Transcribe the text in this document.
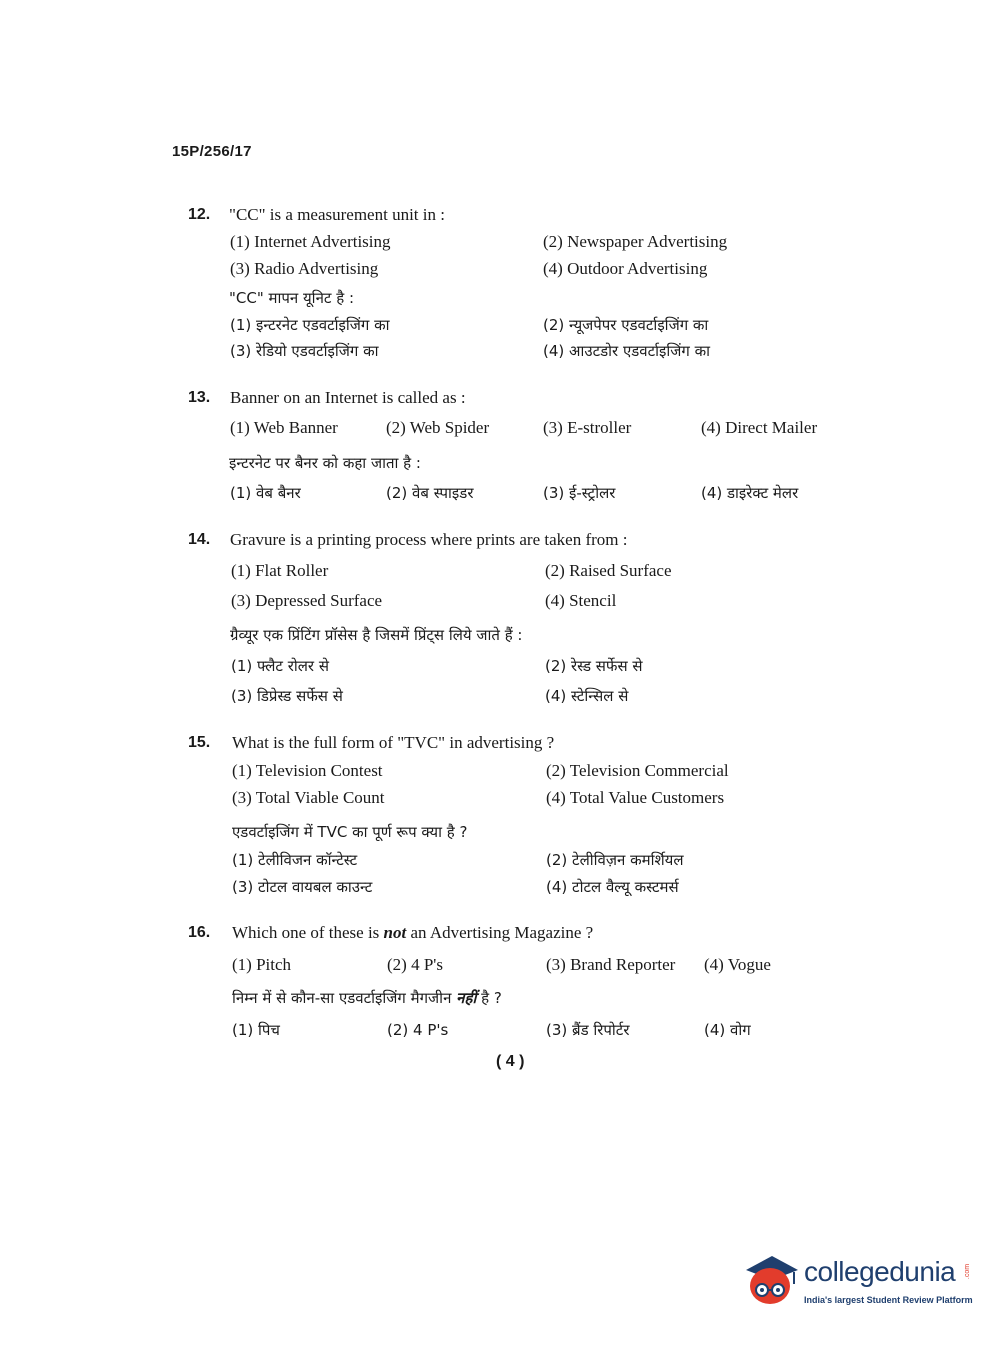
15P/256/17
12. "CC" is a measurement unit in :
(1) Internet Advertising	(2) Newspaper Advertising
(3) Radio Advertising	(4) Outdoor Advertising
"CC" मापन यूनिट है :
(1) इन्टरनेट एडवर्टाइजिंग का	(2) न्यूजपेपर एडवर्टाइजिंग का
(3) रेडियो एडवर्टाइजिंग का	(4) आउटडोर एडवर्टाइजिंग का
13. Banner on an Internet is called as :
(1) Web Banner	(2) Web Spider	(3) E-stroller	(4) Direct Mailer
इन्टरनेट पर बैनर को कहा जाता है :
(1) वेब बैनर	(2) वेब स्पाइडर	(3) ई-स्ट्रोलर	(4) डाइरेक्ट मेलर
14. Gravure is a printing process where prints are taken from :
(1) Flat Roller	(2) Raised Surface
(3) Depressed Surface	(4) Stencil
ग्रैव्यूर एक प्रिंटिंग प्रॉसेस है जिसमें प्रिंट्स लिये जाते हैं :
(1) फ्लैट रोलर से	(2) रेस्ड सर्फेस से
(3) डिप्रेस्ड सर्फेस से	(4) स्टेन्सिल से
15. What is the full form of "TVC" in advertising ?
(1) Television Contest	(2) Television Commercial
(3) Total Viable Count	(4) Total Value Customers
एडवर्टाइजिंग में TVC का पूर्ण रूप क्या है ?
(1) टेलीविजन कॉन्टेस्ट	(2) टेलीविज़न कमर्शियल
(3) टोटल वायबल काउन्ट	(4) टोटल वैल्यू कस्टमर्स
16. Which one of these is not an Advertising Magazine ?
(1) Pitch	(2) 4 P's	(3) Brand Reporter (4) Vogue
निम्न में से कौन-सा एडवर्टाइजिंग मैगजीन नहीं है ?
(1) पिच	(2) 4 P's	(3) ब्रैंड रिपोर्टर	(4) वोग
( 4 )
collegedunia .com
India's largest Student Review Platform
